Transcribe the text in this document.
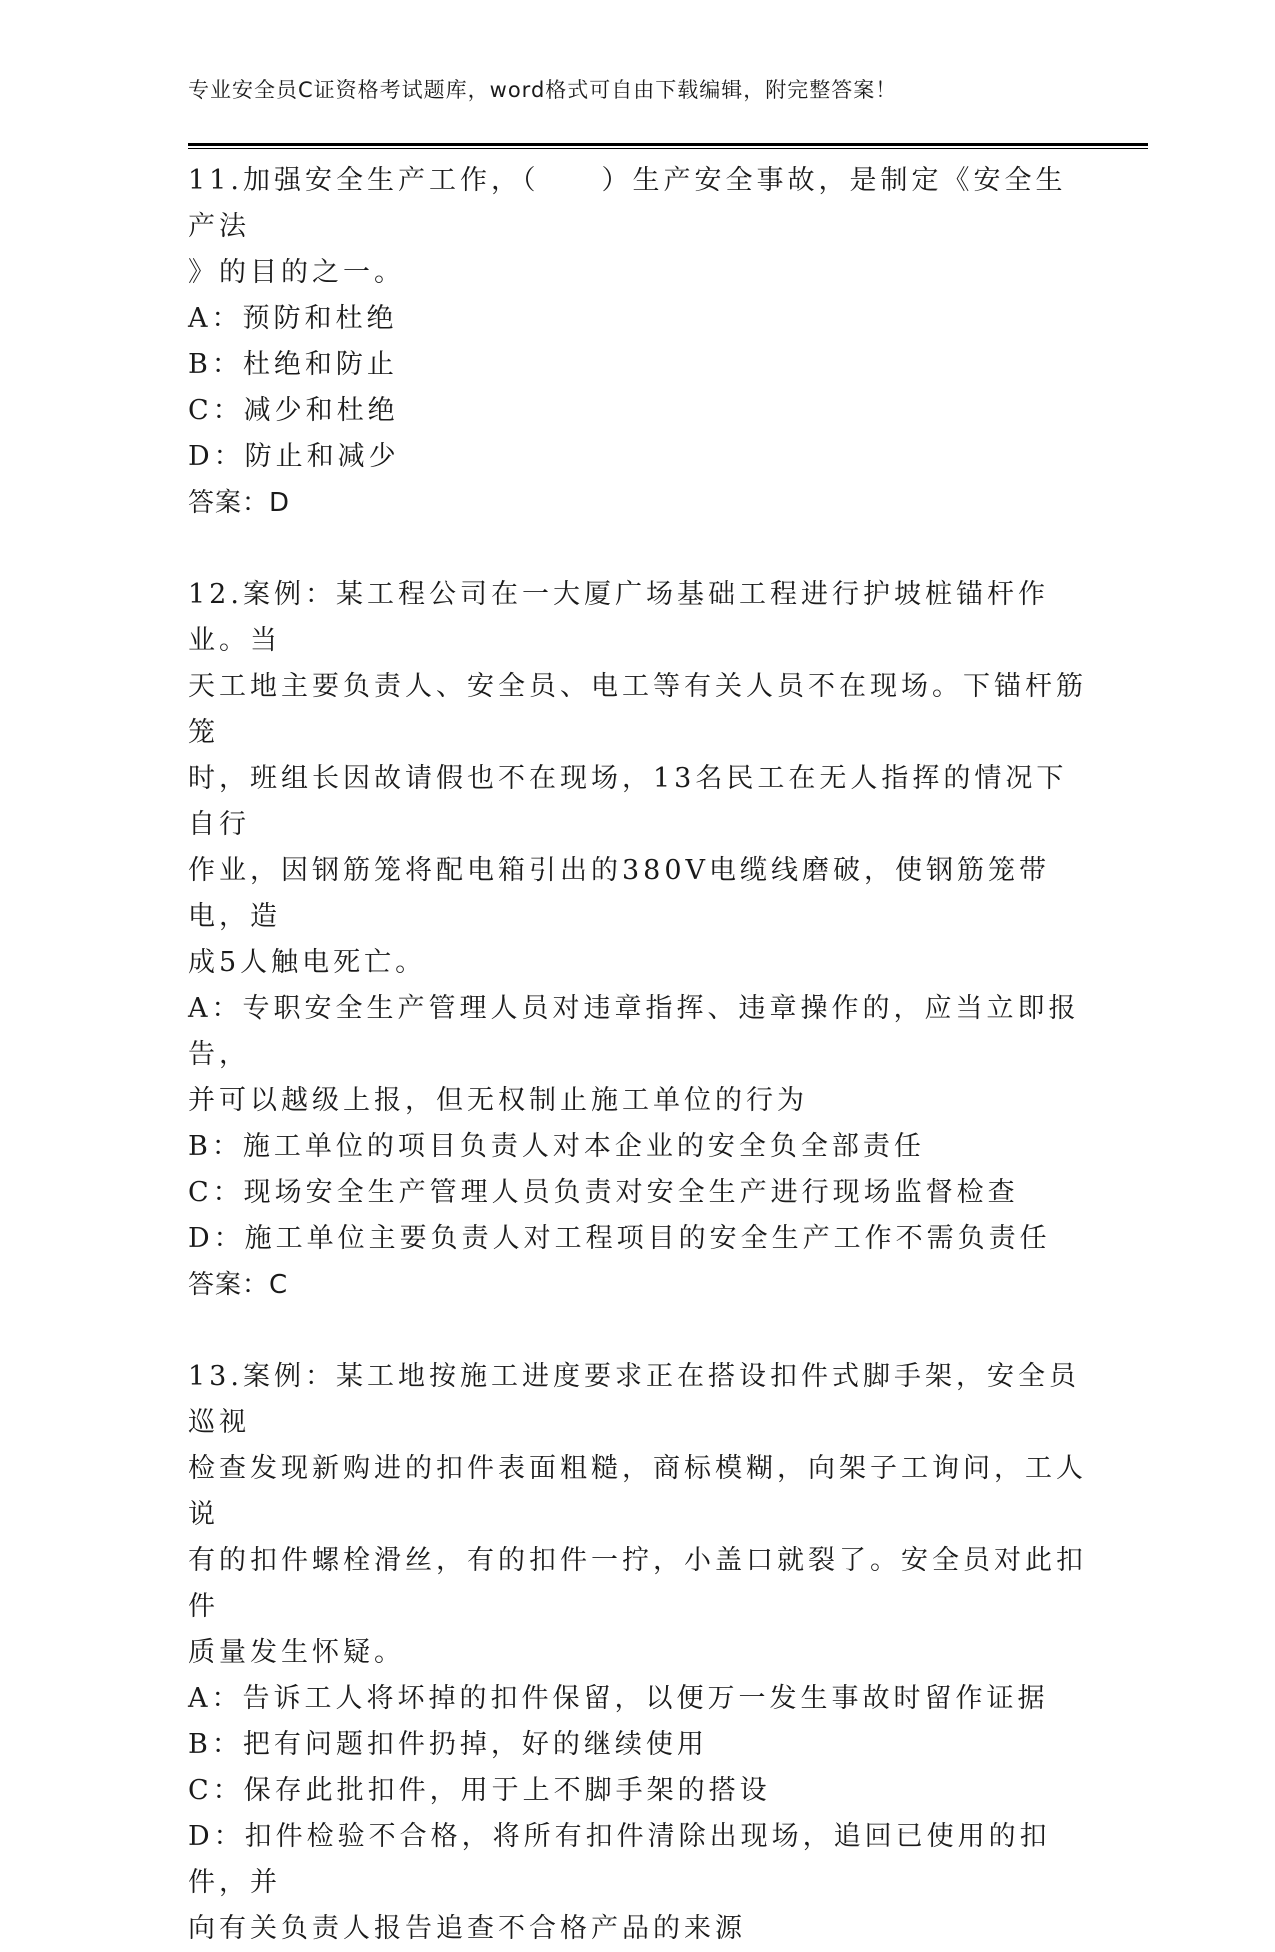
专业安全员C证资格考试题库，word格式可自由下载编辑，附完整答案！

11.加强安全生产工作，（　　）生产安全事故，是制定《安全生产法

》的目的之一。

A：预防和杜绝

B：杜绝和防止

C：减少和杜绝

D：防止和减少

答案：D

12.案例：某工程公司在一大厦广场基础工程进行护坡桩锚杆作业。当

天工地主要负责人、安全员、电工等有关人员不在现场。下锚杆筋笼

时，班组长因故请假也不在现场，13名民工在无人指挥的情况下自行

作业，因钢筋笼将配电箱引出的380V电缆线磨破，使钢筋笼带电，造

成5人触电死亡。

A：专职安全生产管理人员对违章指挥、违章操作的，应当立即报告，

并可以越级上报，但无权制止施工单位的行为

B：施工单位的项目负责人对本企业的安全负全部责任

C：现场安全生产管理人员负责对安全生产进行现场监督检查

D：施工单位主要负责人对工程项目的安全生产工作不需负责任

答案：C

13.案例：某工地按施工进度要求正在搭设扣件式脚手架，安全员巡视

检查发现新购进的扣件表面粗糙，商标模糊，向架子工询问，工人说

有的扣件螺栓滑丝，有的扣件一拧，小盖口就裂了。安全员对此扣件

质量发生怀疑。

A：告诉工人将坏掉的扣件保留，以便万一发生事故时留作证据

B：把有问题扣件扔掉，好的继续使用

C：保存此批扣件，用于上不脚手架的搭设

D：扣件检验不合格，将所有扣件清除出现场，追回已使用的扣件，并

向有关负责人报告追查不合格产品的来源
